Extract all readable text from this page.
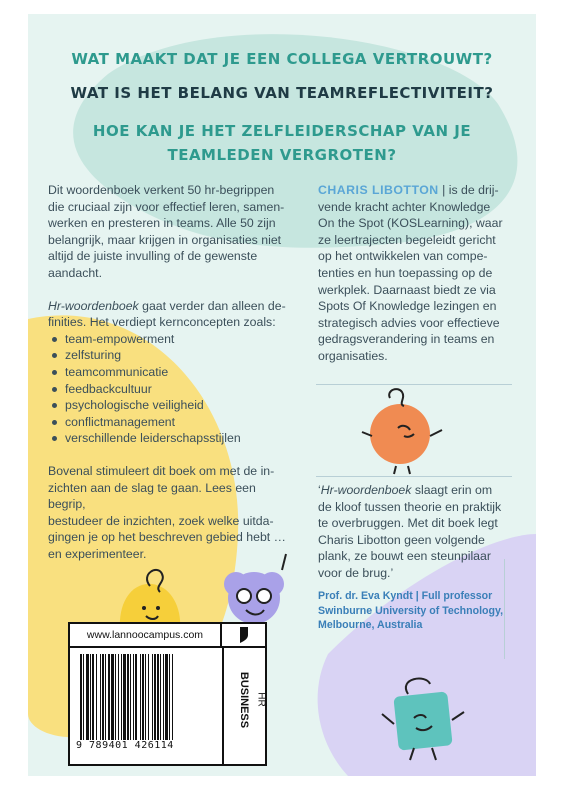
WAT MAAKT DAT JE EEN COLLEGA VERTROUWT?
WAT IS HET BELANG VAN TEAMREFLECTIVITEIT?
HOE KAN JE HET ZELFLEIDERSCHAP VAN JE
TEAMLEDEN VERGROTEN?

Dit woordenboek verkent 50 hr-begrippen
die cruciaal zijn voor effectief leren, samen-
werken en presteren in teams. Alle 50 zijn
belangrijk, maar krijgen in organisaties niet
altijd de juiste invulling of de gewenste
aandacht.

Hr-woordenboek gaat verder dan alleen de-
finities. Het verdiept kernconcepten zoals:

team-empowerment
zelfsturing
teamcommunicatie
feedbackcultuur
psychologische veiligheid
conflictmanagement
verschillende leiderschapsstijlen

Bovenal stimuleert dit boek om met de in-
zichten aan de slag te gaan. Lees een begrip,
bestudeer de inzichten, zoek welke uitda-
gingen je op het beschreven gebied hebt …
en experimenteer.

CHARIS LIBOTTON | is de drij-
vende kracht achter Knowledge
On the Spot (KOSLearning), waar
ze leertrajecten begeleidt gericht
op het ontwikkelen van compe-
tenties en hun toepassing op de
werkplek. Daarnaast biedt ze via
Spots Of Knowledge lezingen en
strategisch advies voor effectieve
gedragsverandering in teams en
organisaties.
‘Hr-woordenboek slaagt erin om
de kloof tussen theorie en praktijk
te overbruggen. Met dit boek legt
Charis Libotton geen volgende
plank, ze bouwt een steunpilaar
voor de brug.’
Prof. dr. Eva Kyndt | Full professor
Swinburne University of Technology,
Melbourne, Australia
www.lannoocampus.com
9 789401 426114
BUSINESS HR
